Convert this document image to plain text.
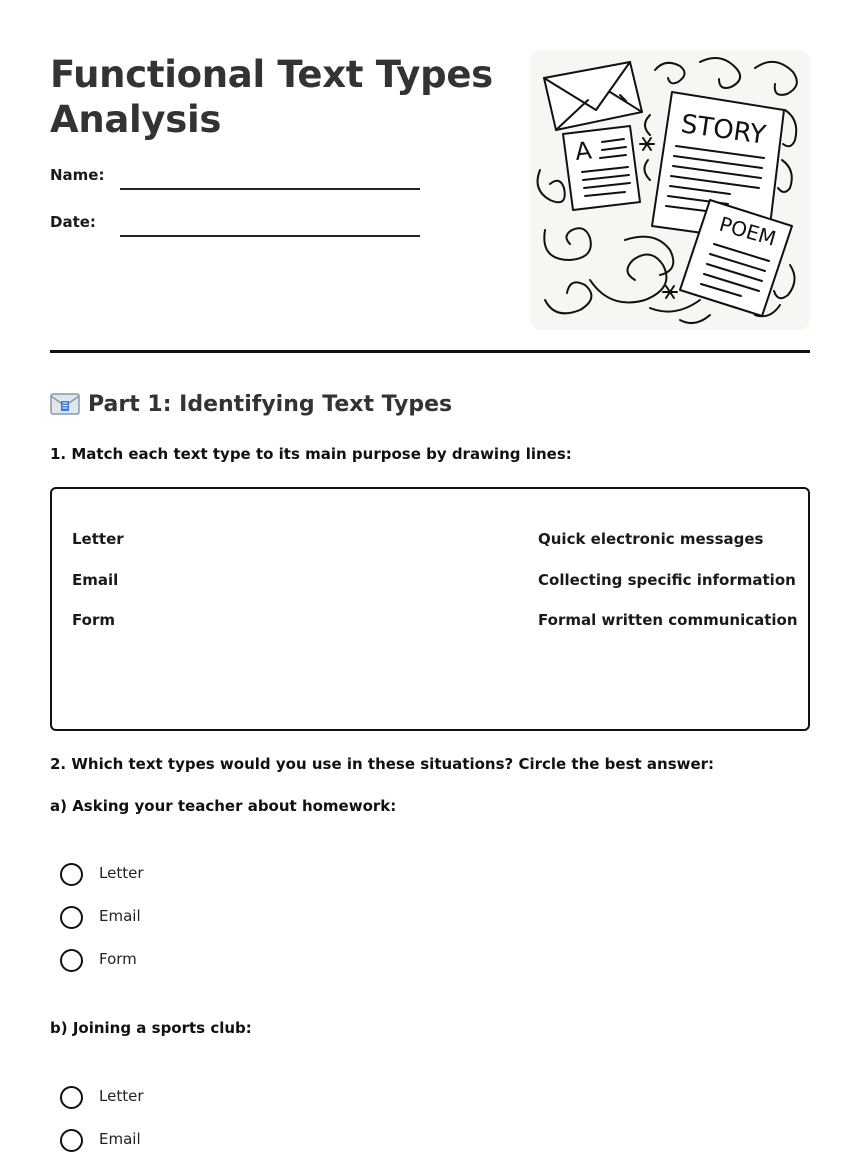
Functional Text Types Analysis
Name:
Date:
A
STORY
POEM
Part 1: Identifying Text Types

1. Match each text type to its main purpose by drawing lines:

Letter
Email
Form
Quick electronic messages
Collecting specific information
Formal written communication

2. Which text types would you use in these situations? Circle the best answer:

a) Asking your teacher about homework:

Letter
Email
Form

b) Joining a sports club:

Letter
Email
